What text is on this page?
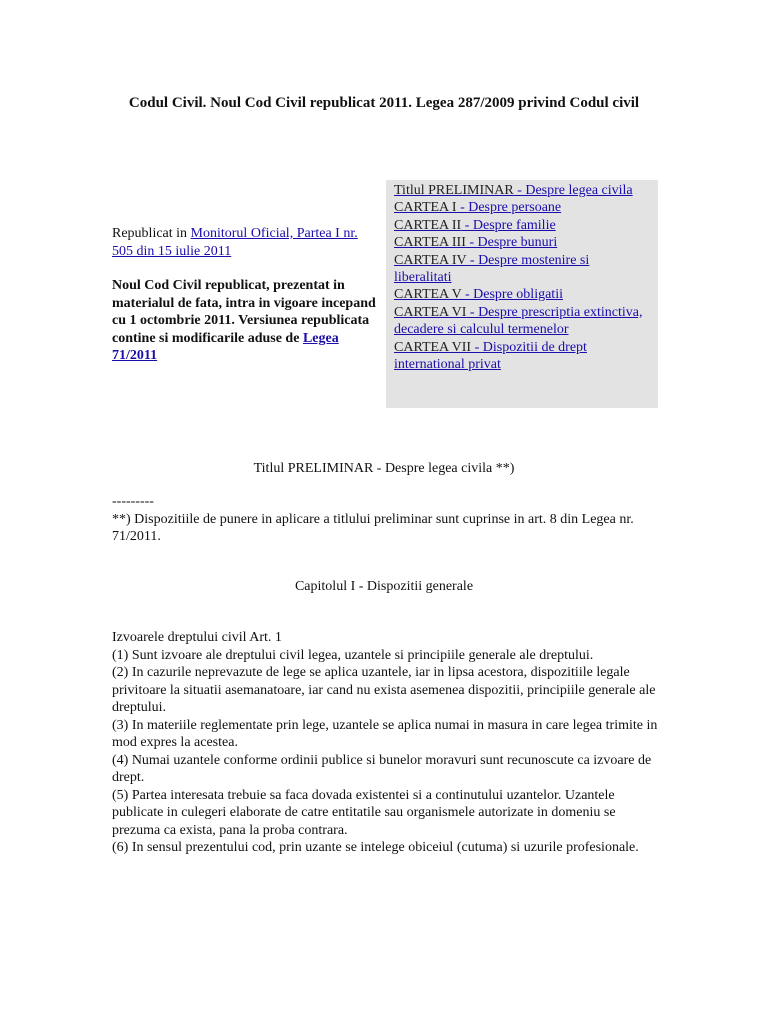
Codul Civil. Noul Cod Civil republicat 2011. Legea 287/2009 privind Codul civil

Republicat in Monitorul Oficial, Partea I nr. 505 din 15 iulie 2011

Noul Cod Civil republicat, prezentat in materialul de fata, intra in vigoare incepand cu 1 octombrie 2011. Versiunea republicata contine si modificarile aduse de Legea 71/2011

Titlul PRELIMINAR - Despre legea civila
CARTEA I - Despre persoane
CARTEA II - Despre familie
CARTEA III - Despre bunuri
CARTEA IV - Despre mostenire si liberalitati
CARTEA V - Despre obligatii
CARTEA VI - Despre prescriptia extinctiva, decadere si calculul termenelor
CARTEA VII - Dispozitii de drept international privat
Titlul PRELIMINAR - Despre legea civila **)
---------
**) Dispozitiile de punere in aplicare a titlului preliminar sunt cuprinse in art. 8 din Legea nr. 71/2011.
Capitolul I - Dispozitii generale
Izvoarele dreptului civil Art. 1
(1) Sunt izvoare ale dreptului civil legea, uzantele si principiile generale ale dreptului.
(2) In cazurile neprevazute de lege se aplica uzantele, iar in lipsa acestora, dispozitiile legale privitoare la situatii asemanatoare, iar cand nu exista asemenea dispozitii, principiile generale ale dreptului.
(3) In materiile reglementate prin lege, uzantele se aplica numai in masura in care legea trimite in mod expres la acestea.
(4) Numai uzantele conforme ordinii publice si bunelor moravuri sunt recunoscute ca izvoare de drept.
(5) Partea interesata trebuie sa faca dovada existentei si a continutului uzantelor. Uzantele publicate in culegeri elaborate de catre entitatile sau organismele autorizate in domeniu se prezuma ca exista, pana la proba contrara.
(6) In sensul prezentului cod, prin uzante se intelege obiceiul (cutuma) si uzurile profesionale.
